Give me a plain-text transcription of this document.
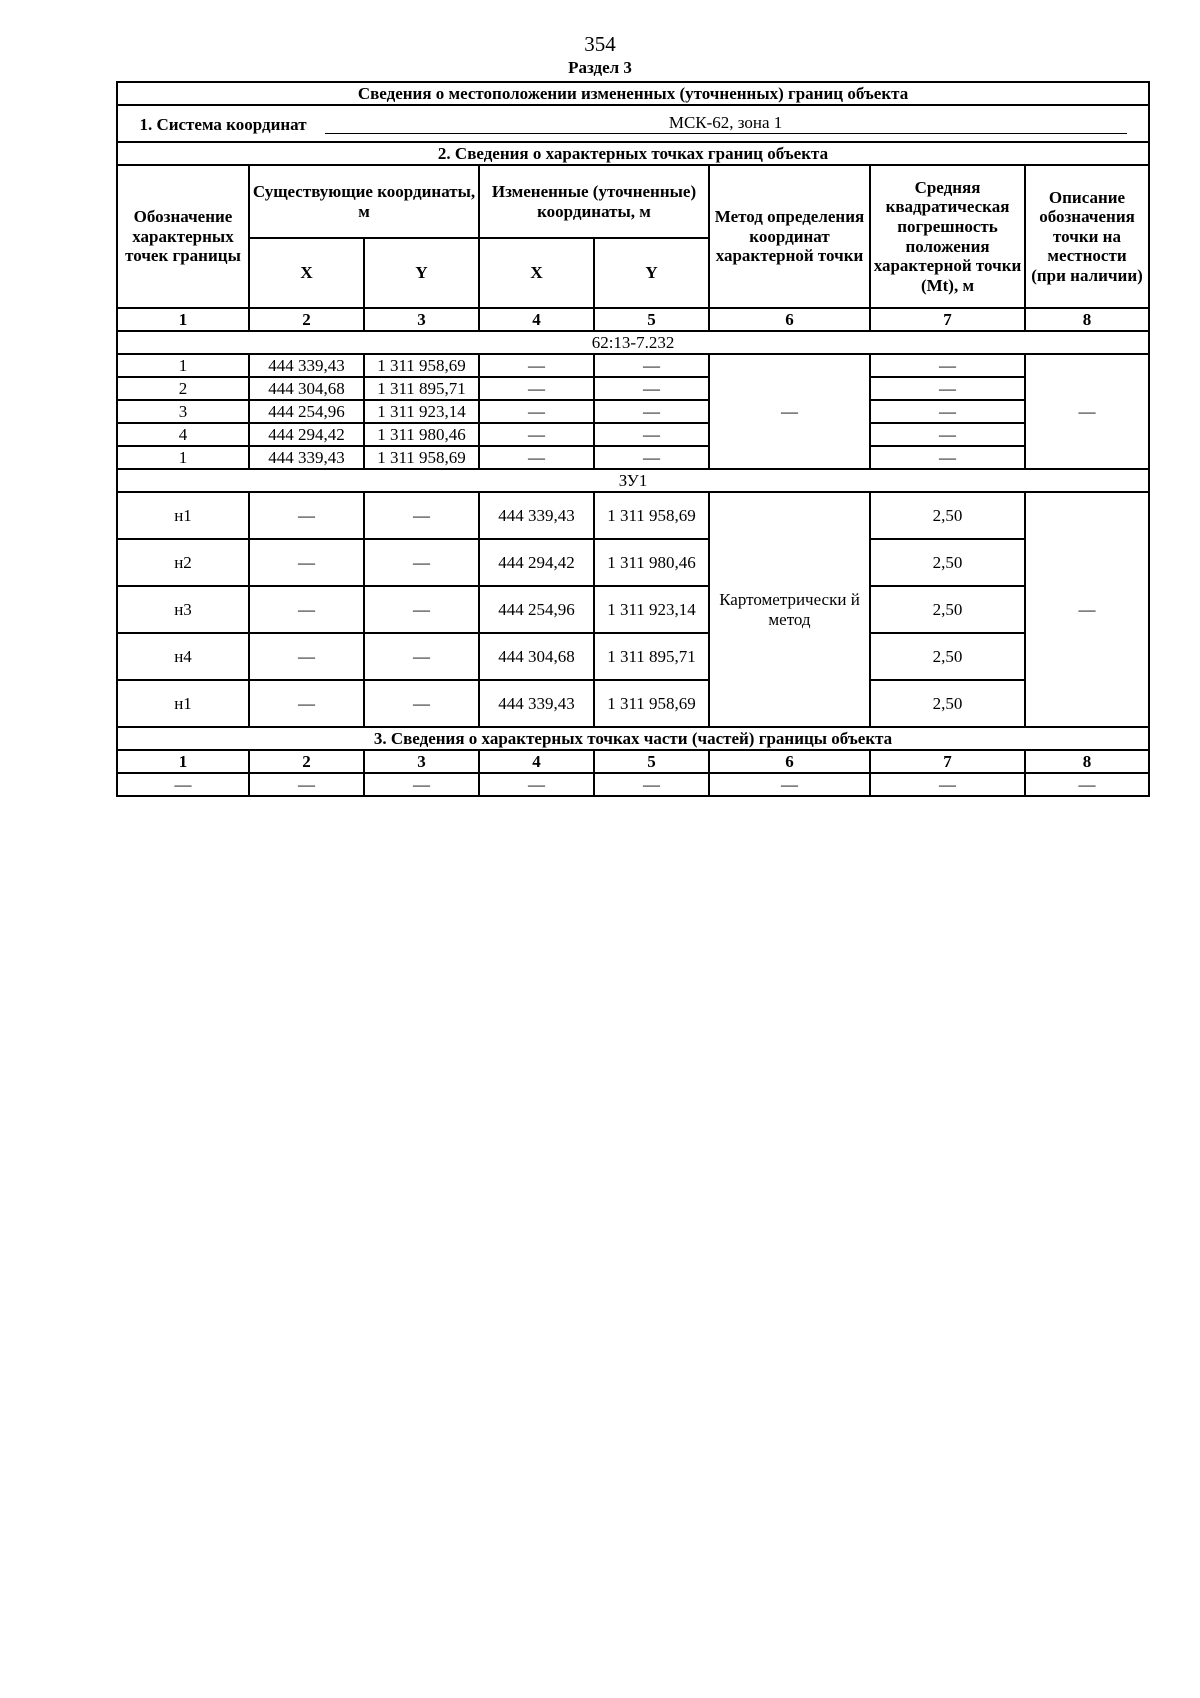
354
Раздел 3
Сведения о местоположении измененных (уточненных) границ объекта							
1. Система координат МСК-62, зона 1							
2. Сведения о характерных точках границ объекта							
Обозначение характерных точек границы	Существующие координаты, м		Измененные (уточненные) координаты, м		Метод определения координат характерной точки	Средняя квадратическая погрешность положения характерной точки (Mt), м	Описание обозначения точки на местности (при наличии)
	X	Y	X	Y			
1	2	3	4	5	6	7	8
62:13-7.232							
1	444 339,43	1 311 958,69	—	—	—	—	—
2	444 304,68	1 311 895,71	—	—		—	
3	444 254,96	1 311 923,14	—	—		—	
4	444 294,42	1 311 980,46	—	—		—	
1	444 339,43	1 311 958,69	—	—		—	
ЗУ1							
н1	—	—	444 339,43	1 311 958,69	Картометрически й метод	2,50	—
н2	—	—	444 294,42	1 311 980,46		2,50	
н3	—	—	444 254,96	1 311 923,14		2,50	
н4	—	—	444 304,68	1 311 895,71		2,50	
н1	—	—	444 339,43	1 311 958,69		2,50	
3. Сведения о характерных точках части (частей) границы объекта							
1	2	3	4	5	6	7	8
—	—	—	—	—	—	—	—
